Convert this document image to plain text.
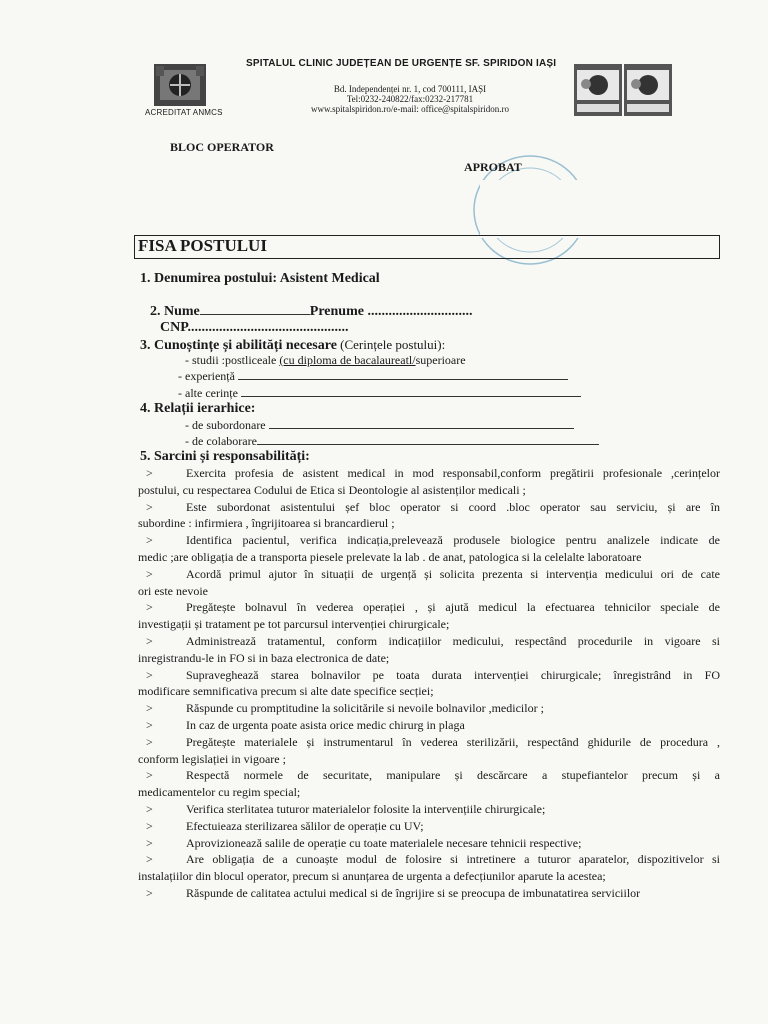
ACREDITAT ANMCS
SPITALUL CLINIC JUDEȚEAN DE URGENȚE SF. SPIRIDON IAȘI
Bd. Independenței nr. 1, cod 700111, IAȘI
Tel:0232-240822/fax:0232-217781
www.spitalspiridon.ro/e-mail: office@spitalspiridon.ro
BLOC OPERATOR
APROBAT
FISA POSTULUI
1. Denumirea postului: Asistent Medical
2. Nume	Prenume ..............................
CNP..............................................
3. Cunoștințe și abilități necesare (Cerințele postului):
- studii :postliceale (cu diploma de bacalaureatl/superioare
- experiență
- alte cerințe
4. Relații ierarhice:
- de subordonare
- de colaborare
5. Sarcini și responsabilități:
>	Exercita profesia de asistent medical in mod responsabil,conform pregătirii profesionale ,cerințelor
postului, cu respectarea Codului de Etica si Deontologie al asistenților medicali ;
>	Este subordonat asistentului șef bloc operator si coord .bloc operator sau serviciu, și are în
subordine : infirmiera , îngrijitoarea si brancardierul ;
>	Identifica pacientul, verifica indicația,prelevează produsele biologice pentru analizele indicate de
medic ;are obligația de a transporta piesele prelevate la lab . de anat, patologica si la celelalte laboratoare
>	Acordă primul ajutor în situații de urgență și solicita prezenta si intervenția medicului ori de cate
ori este nevoie
>	Pregătește bolnavul în vederea operației , și ajută medicul la efectuarea tehnicilor speciale de
investigații și tratament pe tot parcursul intervenției chirurgicale;
>	Administrează tratamentul, conform indicațiilor medicului, respectând procedurile in vigoare si
inregistrandu-le in FO si in baza electronica de date;
>	Supraveghează starea bolnavilor pe toata durata intervenției chirurgicale; înregistrând in FO
modificare semnificativa precum si alte date specifice secției;
>	Răspunde cu promptitudine la solicitările si nevoile bolnavilor ,medicilor ;
>	In caz de urgenta poate asista orice medic chirurg in plaga
>	Pregătește materialele și instrumentarul în vederea sterilizării, respectând ghidurile de procedura ,
conform legislației in vigoare ;
>	Respectă normele de securitate, manipulare și descărcare a stupefiantelor precum și a
medicamentelor cu regim special;
>	Verifica sterlitatea tuturor materialelor folosite la intervențiile chirurgicale;
>	Efectuieaza sterilizarea sălilor de operație cu UV;
>	Aprovizionează salile de operație cu toate materialele necesare tehnicii respective;
>	Are obligația de a cunoaște modul de folosire si intretinere a tuturor aparatelor, dispozitivelor si
instalațiilor din blocul operator, precum si anunțarea de urgenta a defecțiunilor aparute la acestea;
>	Răspunde de calitatea actului medical si de îngrijire si se preocupa de imbunatatirea serviciilor
